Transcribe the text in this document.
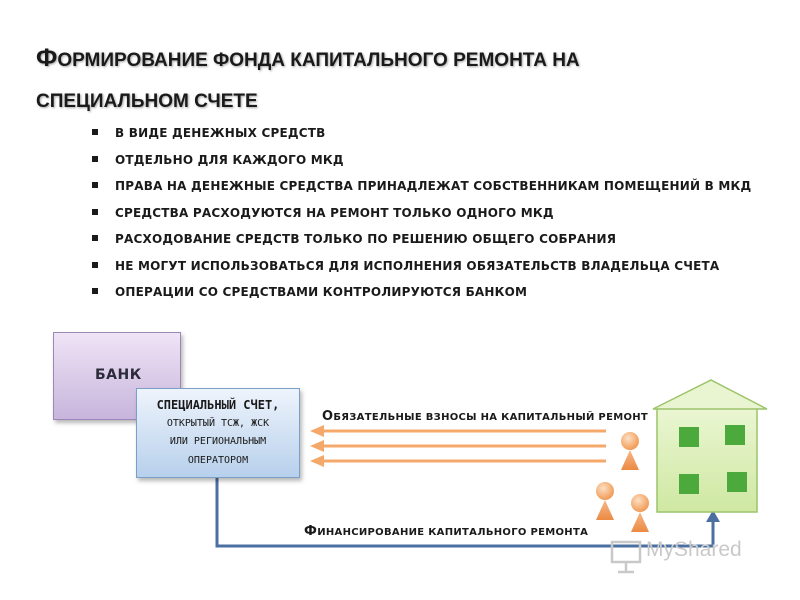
ФОРМИРОВАНИЕ ФОНДА КАПИТАЛЬНОГО РЕМОНТА НА
СПЕЦИАЛЬНОМ СЧЕТЕ
В ВИДЕ ДЕНЕЖНЫХ СРЕДСТВ
ОТДЕЛЬНО ДЛЯ КАЖДОГО МКД
ПРАВА НА ДЕНЕЖНЫЕ СРЕДСТВА ПРИНАДЛЕЖАТ СОБСТВЕННИКАМ ПОМЕЩЕНИЙ В МКД
СРЕДСТВА РАСХОДУЮТСЯ НА РЕМОНТ ТОЛЬКО ОДНОГО МКД
РАСХОДОВАНИЕ СРЕДСТВ ТОЛЬКО ПО РЕШЕНИЮ ОБЩЕГО СОБРАНИЯ
НЕ МОГУТ ИСПОЛЬЗОВАТЬСЯ ДЛЯ ИСПОЛНЕНИЯ ОБЯЗАТЕЛЬСТВ ВЛАДЕЛЬЦА СЧЕТА
ОПЕРАЦИИ СО СРЕДСТВАМИ КОНТРОЛИРУЮТСЯ БАНКОМ
БАНК
СПЕЦИАЛЬНЫЙ СЧЕТ,
ОТКРЫТЫЙ ТСЖ, ЖСК
ИЛИ РЕГИОНАЛЬНЫМ
ОПЕРАТОРОМ
ОБЯЗАТЕЛЬНЫЕ ВЗНОСЫ НА КАПИТАЛЬНЫЙ РЕМОНТ
ФИНАНСИРОВАНИЕ КАПИТАЛЬНОГО РЕМОНТА
MyShared
